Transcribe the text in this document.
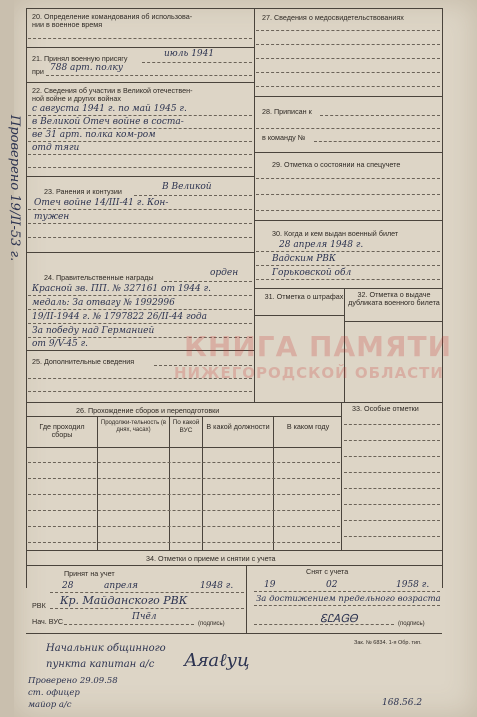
20. Определение командования об использова-
нии в военное время
21. Принял военную присягу	июль 1941
при 788 арт. полку
22. Сведения об участии в Великой отечествен-
ной войне и других войнах
с августа 1941 г. по май 1945 г.
в Великой Отеч войне в соста-
ве 31 арт. полка ком-ром
отд тяги
23. Ранения и контузии	В Великой
Отеч войне 14/III-41 г. Кон-
тужен
24. Правительственные награды	орден
Красной зв. ПП. № 327161 от 1944 г.
медаль: За отвагу № 1992996
19/II-1944 г. № 1797822 26/II-44 года
За победу над Германией
от 9/V-45 г.
25. Дополнительные сведения
27. Сведения о медосвидетельствованиях
28. Приписан к
в команду №
29. Отметка о состоянии на спецучете
30. Когда и кем выдан военный билет
28 апреля 1948 г.
Вадским РВК
Горьковской обл
31. Отметка о штрафах	32. Отметка о выдаче дубликата военного билета
26. Прохождение сборов и переподготовки	33. Особые отметки
Где проходил сборы
Продолжи-тельность (в днях, часах)
По какой ВУС	В какой должности	В каком году
34. Отметки о приеме и снятии с учета
Принят на учет	Снят с учета
28	апреля	1948 г.	19	02	1958 г.
РВК Кр. Майданского РВК	За достижением предельного возраста
Нач. ВУС	Пчёл
(подпись)	ᏋᏝᎪᏀᎾ	(подпись)
Зак. № 6834. 1-я Обр. тип.
Начальник общинного
пункта капитан а/с Аᴙаℓуц
Проверено 29.09.58
ст. офицер
майор а/с	168.56.2
КНИГА ПАМЯТИ
НИЖЕГОРОДСКОЙ ОБЛАСТИ
Проверено 19/II-53 г.
